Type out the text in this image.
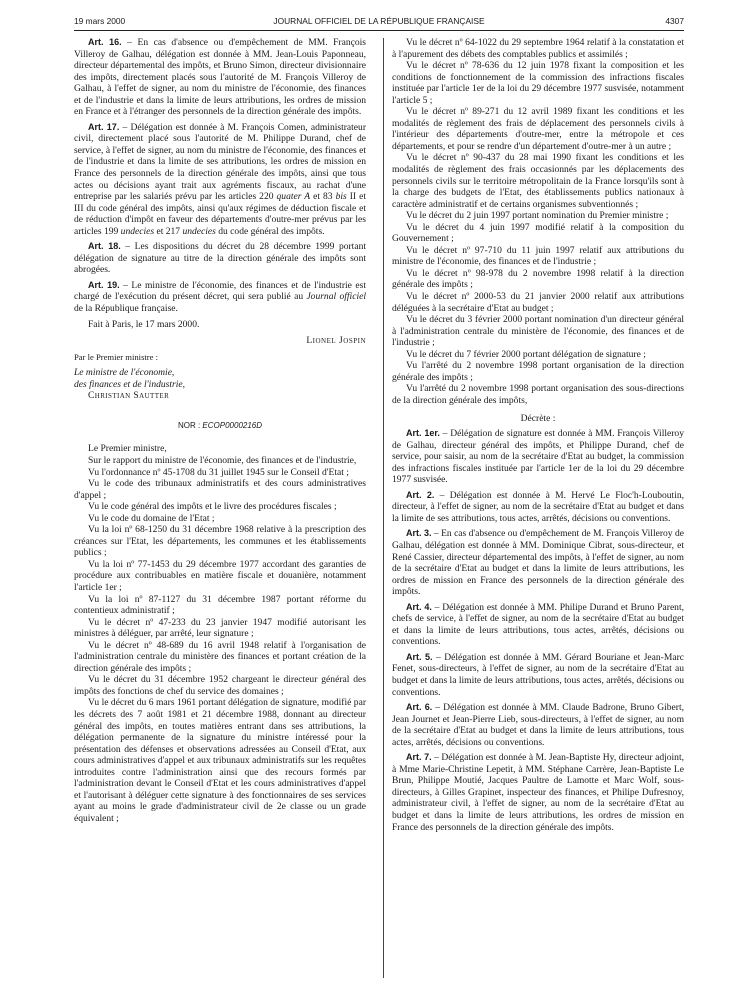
19 mars 2000	JOURNAL OFFICIEL DE LA RÉPUBLIQUE FRANÇAISE	4307

Art. 16. – En cas d'absence ou d'empêchement de MM. François Villeroy de Galhau, délégation est donnée à MM. Jean-Louis Paponneau, directeur départemental des impôts, et Bruno Simon, directeur divisionnaire des impôts, directement placés sous l'autorité de M. François Villeroy de Galhau, à l'effet de signer, au nom du ministre de l'économie, des finances et de l'industrie et dans la limite de leurs attributions, les ordres de mission en France et à l'étranger des personnels de la direction générale des impôts.

Art. 17. – Délégation est donnée à M. François Comen, administrateur civil, directement placé sous l'autorité de M. Philippe Durand, chef de service, à l'effet de signer, au nom du ministre de l'économie, des finances et de l'industrie et dans la limite de ses attributions, les ordres de mission en France des personnels de la direction générale des impôts, ainsi que tous actes ou décisions ayant trait aux agréments fiscaux, au rachat d'une entreprise par les salariés prévu par les articles 220 quater A et 83 bis II et III du code général des impôts, ainsi qu'aux régimes de déduction fiscale et de réduction d'impôt en faveur des départements d'outre-mer prévus par les articles 199 undecies et 217 undecies du code général des impôts.

Art. 18. – Les dispositions du décret du 28 décembre 1999 portant délégation de signature au titre de la direction générale des impôts sont abrogées.

Art. 19. – Le ministre de l'économie, des finances et de l'industrie est chargé de l'exécution du présent décret, qui sera publié au Journal officiel de la République française.

Fait à Paris, le 17 mars 2000.

Lionel Jospin

Par le Premier ministre :

Le ministre de l'économie,

des finances et de l'industrie,

Christian Sautter

NOR : ECOP0000216D

Le Premier ministre,

Sur le rapport du ministre de l'économie, des finances et de l'industrie,

Vu l'ordonnance nº 45-1708 du 31 juillet 1945 sur le Conseil d'Etat ;

Vu le code des tribunaux administratifs et des cours administratives d'appel ;

Vu le code général des impôts et le livre des procédures fiscales ;

Vu le code du domaine de l'Etat ;

Vu la loi nº 68-1250 du 31 décembre 1968 relative à la prescription des créances sur l'Etat, les départements, les communes et les établissements publics ;

Vu la loi nº 77-1453 du 29 décembre 1977 accordant des garanties de procédure aux contribuables en matière fiscale et douanière, notamment l'article 1er ;

Vu la loi nº 87-1127 du 31 décembre 1987 portant réforme du contentieux administratif ;

Vu le décret nº 47-233 du 23 janvier 1947 modifié autorisant les ministres à déléguer, par arrêté, leur signature ;

Vu le décret nº 48-689 du 16 avril 1948 relatif à l'organisation de l'administration centrale du ministère des finances et portant création de la direction générale des impôts ;

Vu le décret du 31 décembre 1952 chargeant le directeur général des impôts des fonctions de chef du service des domaines ;

Vu le décret du 6 mars 1961 portant délégation de signature, modifié par les décrets des 7 août 1981 et 21 décembre 1988, donnant au directeur général des impôts, en toutes matières entrant dans ses attributions, la délégation permanente de la signature du ministre intéressé pour la présentation des défenses et observations adressées au Conseil d'Etat, aux cours administratives d'appel et aux tribunaux administratifs sur les requêtes introduites contre l'administration ainsi que des recours formés par l'administration devant le Conseil d'Etat et les cours administratives d'appel et l'autorisant à déléguer cette signature à des fonctionnaires de ses services ayant au moins le grade d'administrateur civil de 2e classe ou un grade équivalent ;

Vu le décret nº 64-1022 du 29 septembre 1964 relatif à la constatation et à l'apurement des débets des comptables publics et assimilés ;

Vu le décret nº 78-636 du 12 juin 1978 fixant la composition et les conditions de fonctionnement de la commission des infractions fiscales instituée par l'article 1er de la loi du 29 décembre 1977 susvisée, notamment l'article 5 ;

Vu le décret nº 89-271 du 12 avril 1989 fixant les conditions et les modalités de règlement des frais de déplacement des personnels civils à l'intérieur des départements d'outre-mer, entre la métropole et ces départements, et pour se rendre d'un département d'outre-mer à un autre ;

Vu le décret nº 90-437 du 28 mai 1990 fixant les conditions et les modalités de règlement des frais occasionnés par les déplacements des personnels civils sur le territoire métropolitain de la France lorsqu'ils sont à la charge des budgets de l'Etat, des établissements publics nationaux à caractère administratif et de certains organismes subventionnés ;

Vu le décret du 2 juin 1997 portant nomination du Premier ministre ;

Vu le décret du 4 juin 1997 modifié relatif à la composition du Gouvernement ;

Vu le décret nº 97-710 du 11 juin 1997 relatif aux attributions du ministre de l'économie, des finances et de l'industrie ;

Vu le décret nº 98-978 du 2 novembre 1998 relatif à la direction générale des impôts ;

Vu le décret nº 2000-53 du 21 janvier 2000 relatif aux attributions déléguées à la secrétaire d'Etat au budget ;

Vu le décret du 3 février 2000 portant nomination d'un directeur général à l'administration centrale du ministère de l'économie, des finances et de l'industrie ;

Vu le décret du 7 février 2000 portant délégation de signature ;

Vu l'arrêté du 2 novembre 1998 portant organisation de la direction générale des impôts ;

Vu l'arrêté du 2 novembre 1998 portant organisation des sous-directions de la direction générale des impôts,

Décrète :

Art. 1er. – Délégation de signature est donnée à MM. François Villeroy de Galhau, directeur général des impôts, et Philippe Durand, chef de service, pour saisir, au nom de la secrétaire d'Etat au budget, la commission des infractions fiscales instituée par l'article 1er de la loi du 29 décembre 1977 susvisée.

Art. 2. – Délégation est donnée à M. Hervé Le Floc'h-Louboutin, directeur, à l'effet de signer, au nom de la secrétaire d'Etat au budget et dans la limite de ses attributions, tous actes, arrêtés, décisions ou conventions.

Art. 3. – En cas d'absence ou d'empêchement de M. François Villeroy de Galhau, délégation est donnée à MM. Dominique Cibrat, sous-directeur, et René Cassier, directeur départemental des impôts, à l'effet de signer, au nom de la secrétaire d'Etat au budget et dans la limite de leurs attributions, les ordres de mission en France des personnels de la direction générale des impôts.

Art. 4. – Délégation est donnée à MM. Philipe Durand et Bruno Parent, chefs de service, à l'effet de signer, au nom de la secrétaire d'Etat au budget et dans la limite de leurs attributions, tous actes, arrêtés, décisions ou conventions.

Art. 5. – Délégation est donnée à MM. Gérard Bouriane et Jean-Marc Fenet, sous-directeurs, à l'effet de signer, au nom de la secrétaire d'Etat au budget et dans la limite de leurs attributions, tous actes, arrêtés, décisions ou conventions.

Art. 6. – Délégation est donnée à MM. Claude Badrone, Bruno Gibert, Jean Journet et Jean-Pierre Lieb, sous-directeurs, à l'effet de signer, au nom de la secrétaire d'Etat au budget et dans la limite de leurs attributions, tous actes, arrêtés, décisions ou conventions.

Art. 7. – Délégation est donnée à M. Jean-Baptiste Hy, directeur adjoint, à Mme Marie-Christine Lepetit, à MM. Stéphane Carrère, Jean-Baptiste Le Brun, Philippe Moutié, Jacques Paultre de Lamotte et Marc Wolf, sous-directeurs, à Gilles Grapinet, inspecteur des finances, et Philipe Dufresnoy, administrateur civil, à l'effet de signer, au nom de la secrétaire d'Etat au budget et dans la limite de leurs attributions, les ordres de mission en France des personnels de la direction générale des impôts.
